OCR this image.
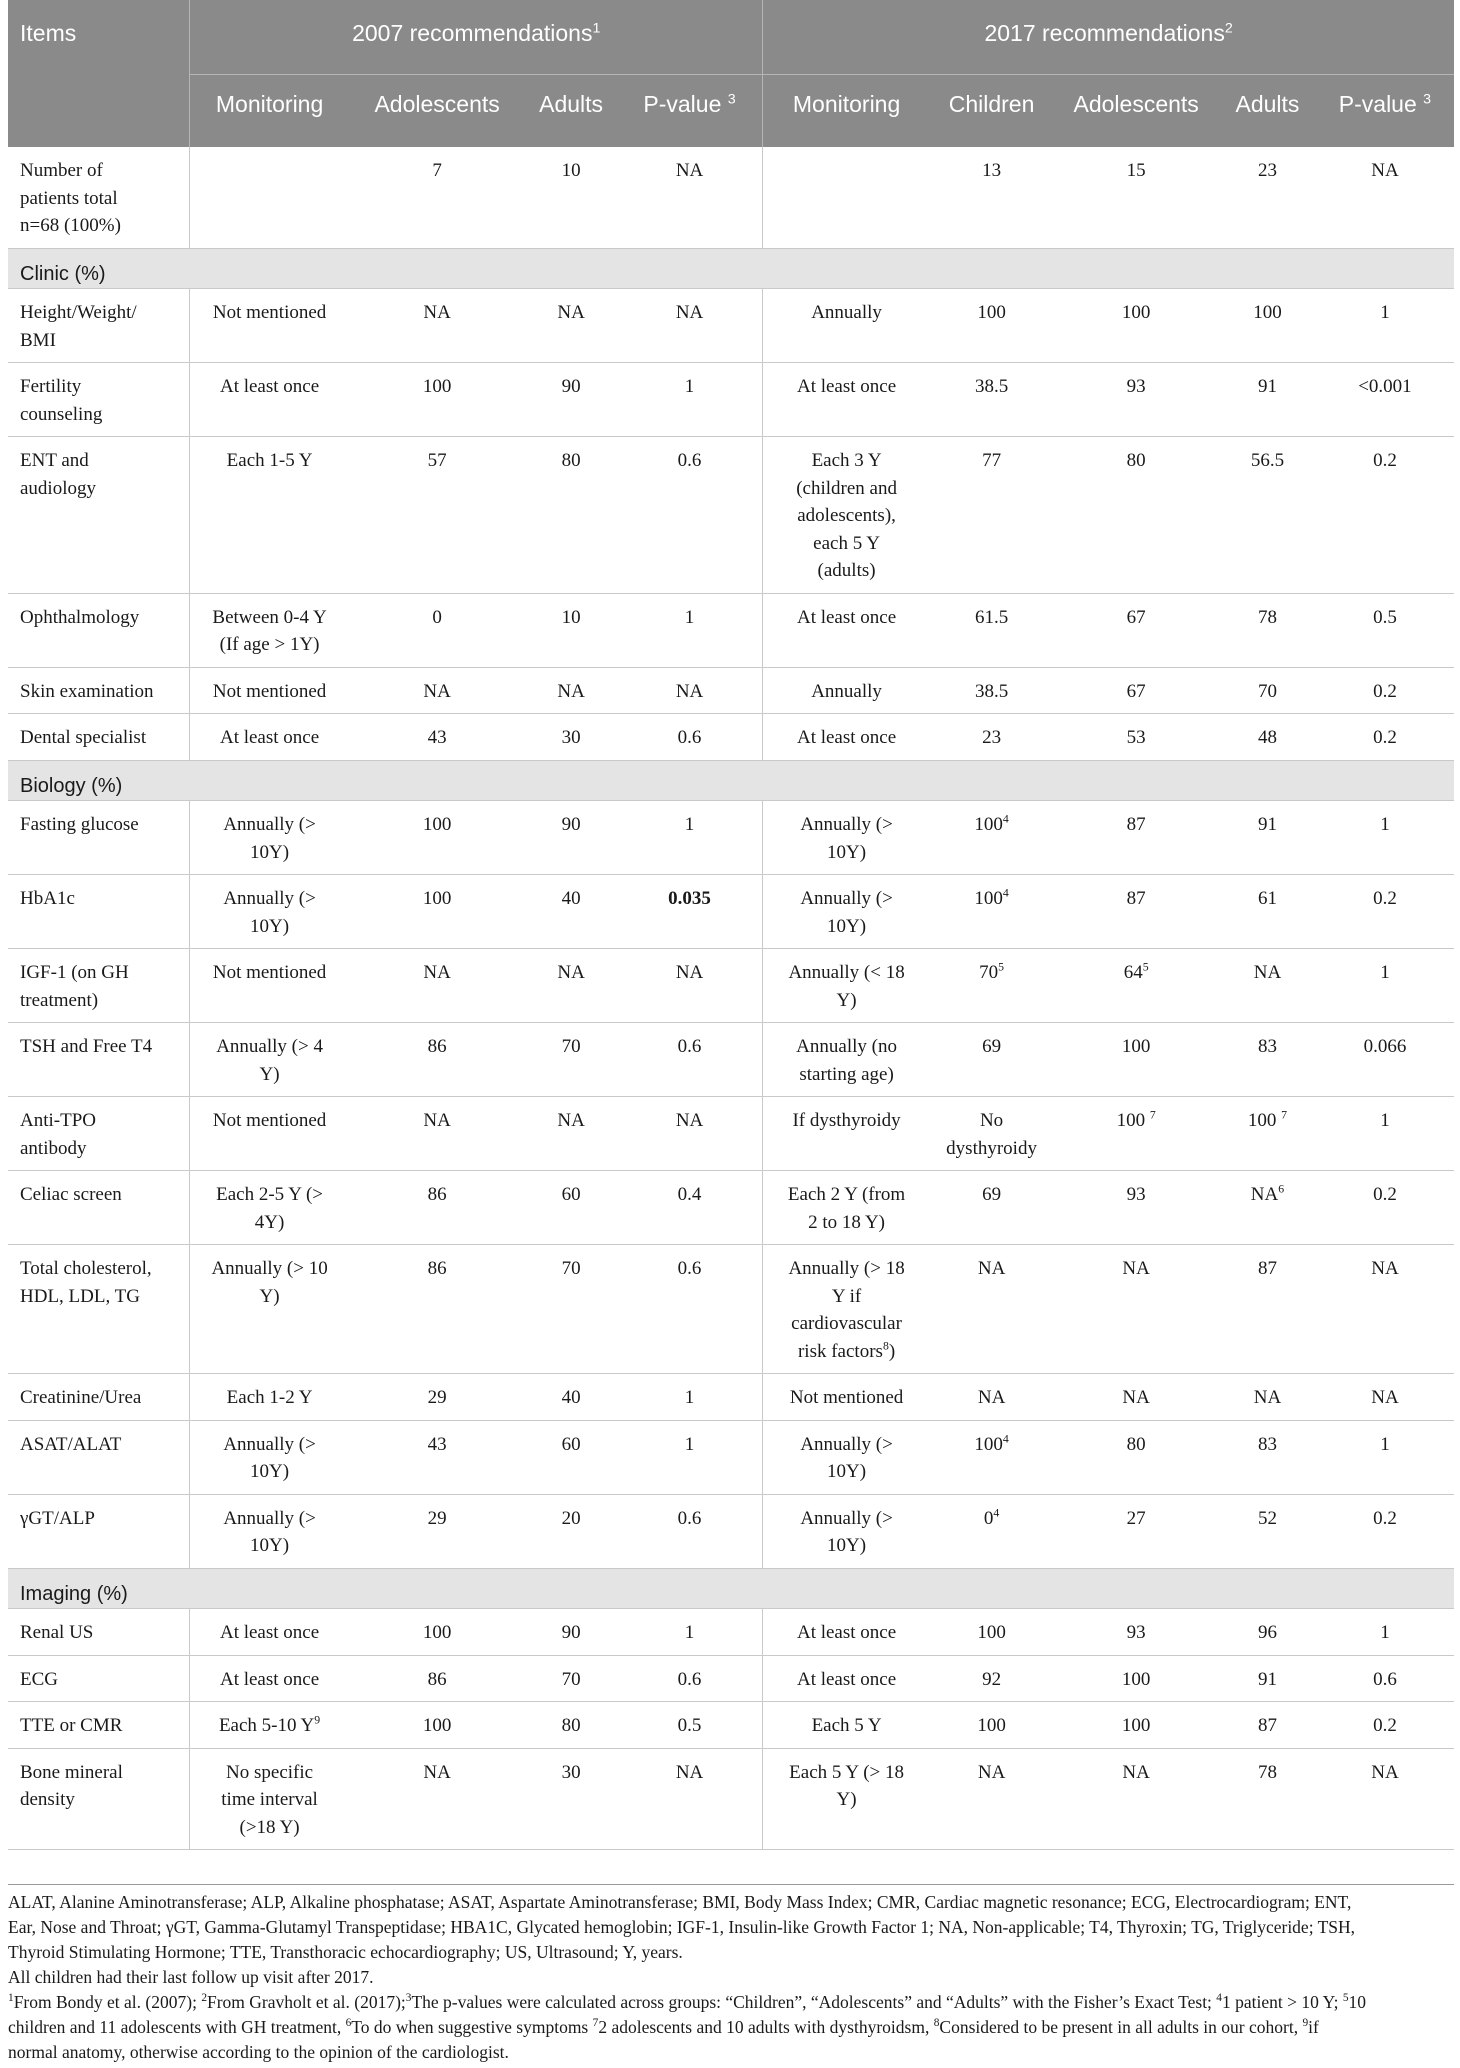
Items	2007 recommendations$^1$				2017 recommendations$^2$
	Monitoring	Adolescents	Adults	P-value $^3$	Monitoring	Children	Adolescents	Adults	P-value $^3$
Number of
patients total
n=68 (100%)		7	10	NA		13	15	23	NA
Clinic (%)									
Height/Weight/
BMI	Not mentioned	NA	NA	NA	Annually	100	100	100	1
Fertility
counseling	At least once	100	90	1	At least once	38.5	93	91	<0.001
ENT and
audiology	Each 1-5 Y	57	80	0.6	Each 3 Y
(children and
adolescents),
each 5 Y
(adults)	77	80	56.5	0.2
Ophthalmology	Between 0-4 Y
(If age > 1Y)	0	10	1	At least once	61.5	67	78	0.5
Skin examination	Not mentioned	NA	NA	NA	Annually	38.5	67	70	0.2
Dental specialist	At least once	43	30	0.6	At least once	23	53	48	0.2
Biology (%)									
Fasting glucose	Annually (>
10Y)	100	90	1	Annually (>
10Y)	$100^4$	87	91	1
HbA1c	Annually (>
10Y)	100	40	0.035	Annually (>
10Y)	$100^4$	87	61	0.2
IGF-1 (on GH
treatment)	Not mentioned	NA	NA	NA	Annually (< 18
Y)	$70^5$	$64^5$	NA	1
TSH and Free T4	Annually (> 4
Y)	86	70	0.6	Annually (no
starting age)	69	100	83	0.066
Anti-TPO
antibody	Not mentioned	NA	NA	NA	If dysthyroidy	No
dysthyroidy	100 $^7$	100 $^7$	1
Celiac screen	Each 2-5 Y (>
4Y)	86	60	0.4	Each 2 Y (from
2 to 18 Y)	69	93	$NA^6$	0.2
Total cholesterol,
HDL, LDL, TG	Annually (> 10
Y)	86	70	0.6	Annually (> 18
Y if
cardiovascular
risk factors$^8$)	NA	NA	87	NA
Creatinine/Urea	Each 1-2 Y	29	40	1	Not mentioned	NA	NA	NA	NA
ASAT/ALAT	Annually (>
10Y)	43	60	1	Annually (>
10Y)	$100^4$	80	83	1
γGT/ALP	Annually (>
10Y)	29	20	0.6	Annually (>
10Y)	$0^4$	27	52	0.2
Imaging (%)									
Renal US	At least once	100	90	1	At least once	100	93	96	1
ECG	At least once	86	70	0.6	At least once	92	100	91	0.6
TTE or CMR	Each 5-10 $Y^9$	100	80	0.5	Each 5 Y	100	100	87	0.2
Bone mineral
density	No specific
time interval
(>18 Y)	NA	30	NA	Each 5 Y (> 18
Y)	NA	NA	78	NA

ALAT, Alanine Aminotransferase; ALP, Alkaline phosphatase; ASAT, Aspartate Aminotransferase; BMI, Body Mass Index; CMR, Cardiac magnetic resonance; ECG, Electrocardiogram; ENT,
Ear, Nose and Throat; γGT, Gamma-Glutamyl Transpeptidase; HBA1C, Glycated hemoglobin; IGF-1, Insulin-like Growth Factor 1; NA, Non-applicable; T4, Thyroxin; TG, Triglyceride; TSH,
Thyroid Stimulating Hormone; TTE, Transthoracic echocardiography; US, Ultrasound; Y, years.

All children had their last follow up visit after 2017.

$^1$From Bondy et al. (2007); $^2$From Gravholt et al. (2017);$^3$The p-values were calculated across groups: “Children”, “Adolescents” and “Adults” with the Fisher’s Exact Test; $^4$1 patient > 10 Y; $^5$10
children and 11 adolescents with GH treatment, $^6$To do when suggestive symptoms $^7$2 adolescents and 10 adults with dysthyroidsm, $^8$Considered to be present in all adults in our cohort, $^9$if
normal anatomy, otherwise according to the opinion of the cardiologist.
